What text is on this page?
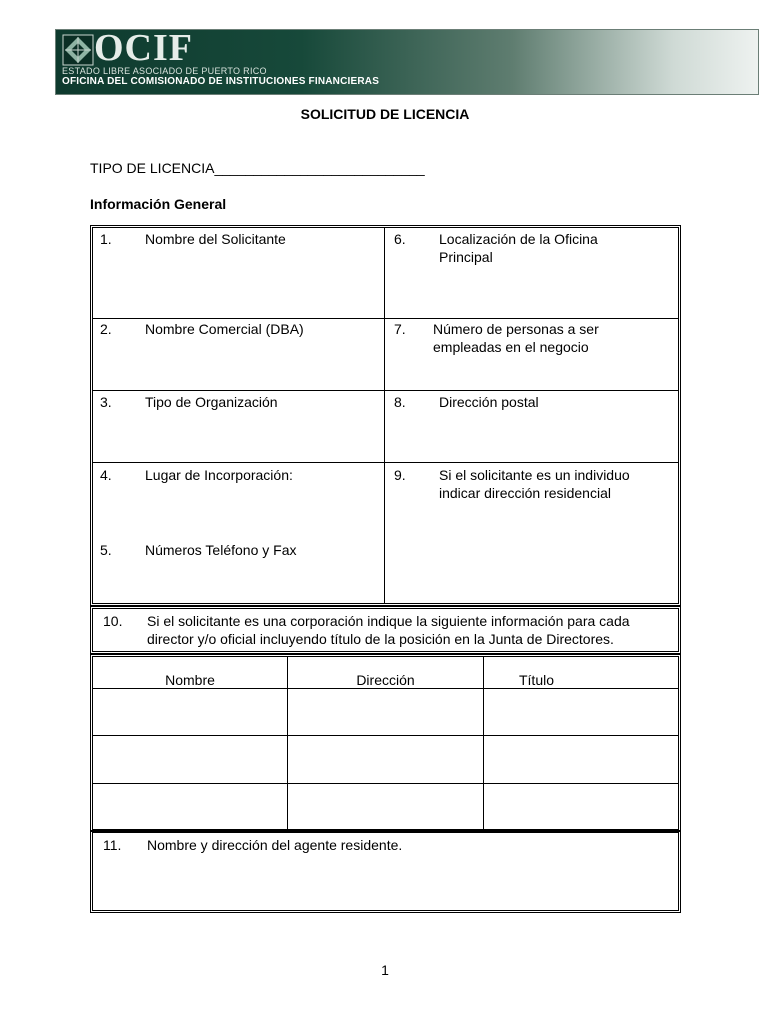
OCIF
ESTADO LIBRE ASOCIADO DE PUERTO RICO
OFICINA DEL COMISIONADO DE INSTITUCIONES FINANCIERAS
SOLICITUD DE LICENCIA
TIPO DE LICENCIA___________________________
Información General
1. Nombre del Solicitante
2. Nombre Comercial (DBA)
3. Tipo de Organización
4. Lugar de Incorporación:
5. Números Teléfono y Fax
6. Localización de la Oficina
Principal
7. Número de personas a ser
empleadas en el negocio
8. Dirección postal
9. Si el solicitante es un individuo
indicar dirección residencial
10. Si el solicitante es una corporación indique la siguiente información para cada
director y/o oficial incluyendo título de la posición en la Junta de Directores.
Nombre	Dirección	Título
11. Nombre y dirección del agente residente.
1
